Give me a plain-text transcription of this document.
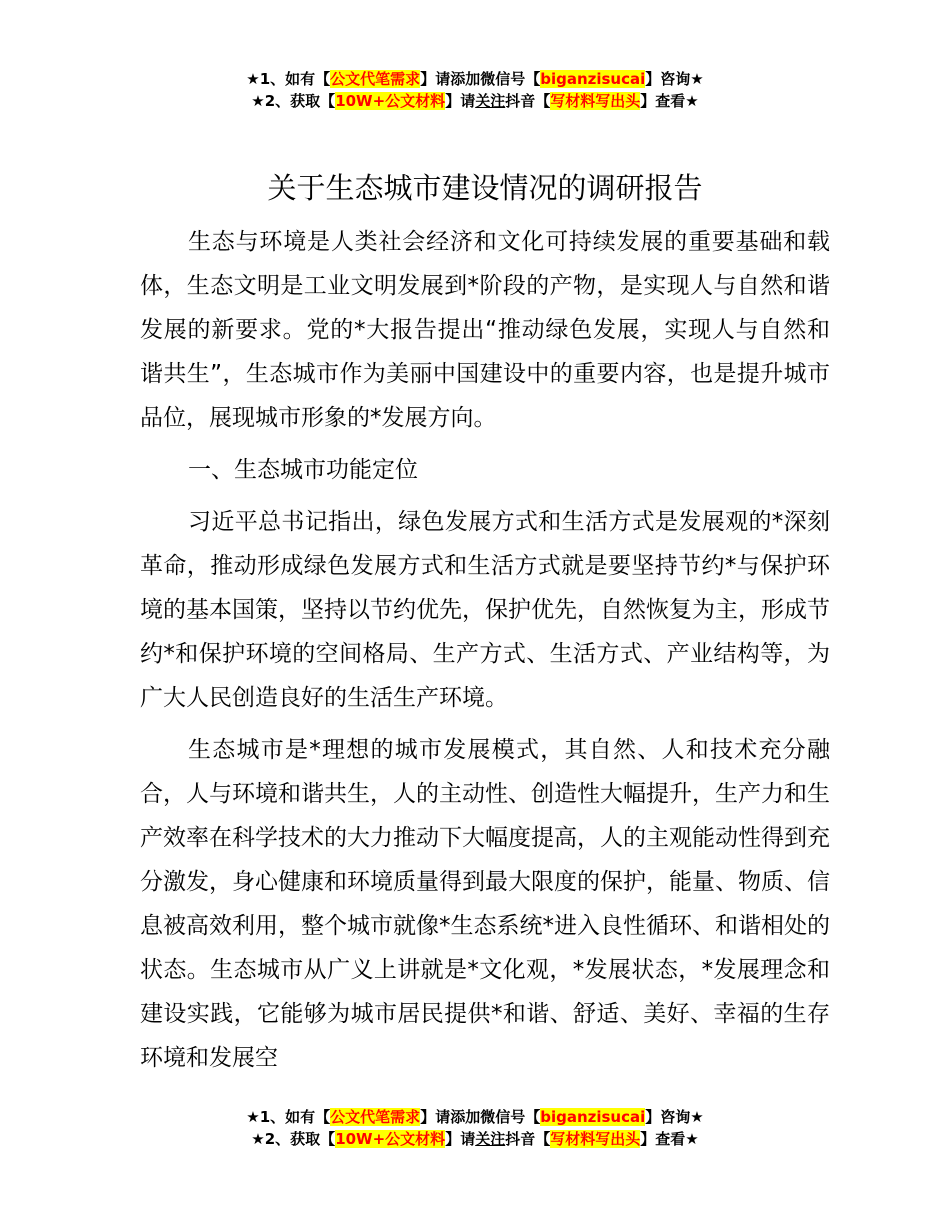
★1、如有【公文代笔需求】请添加微信号【biganzisucai】咨询★
★2、获取【10W+公文材料】请关注抖音【写材料写出头】查看★
关于生态城市建设情况的调研报告

生态与环境是人类社会经济和文化可持续发展的重要基础和载体，生态文明是工业文明发展到*阶段的产物，是实现人与自然和谐发展的新要求。党的*大报告提出“推动绿色发展，实现人与自然和谐共生”，生态城市作为美丽中国建设中的重要内容，也是提升城市品位，展现城市形象的*发展方向。

一、生态城市功能定位

习近平总书记指出，绿色发展方式和生活方式是发展观的*深刻革命，推动形成绿色发展方式和生活方式就是要坚持节约*与保护环境的基本国策，坚持以节约优先，保护优先，自然恢复为主，形成节约*和保护环境的空间格局、生产方式、生活方式、产业结构等，为广大人民创造良好的生活生产环境。

生态城市是*理想的城市发展模式，其自然、人和技术充分融合，人与环境和谐共生，人的主动性、创造性大幅提升，生产力和生产效率在科学技术的大力推动下大幅度提高，人的主观能动性得到充分激发，身心健康和环境质量得到最大限度的保护，能量、物质、信息被高效利用，整个城市就像*生态系统*进入良性循环、和谐相处的状态。生态城市从广义上讲就是*文化观，*发展状态，*发展理念和建设实践，它能够为城市居民提供*和谐、舒适、美好、幸福的生存环境和发展空

★1、如有【公文代笔需求】请添加微信号【biganzisucai】咨询★
★2、获取【10W+公文材料】请关注抖音【写材料写出头】查看★
